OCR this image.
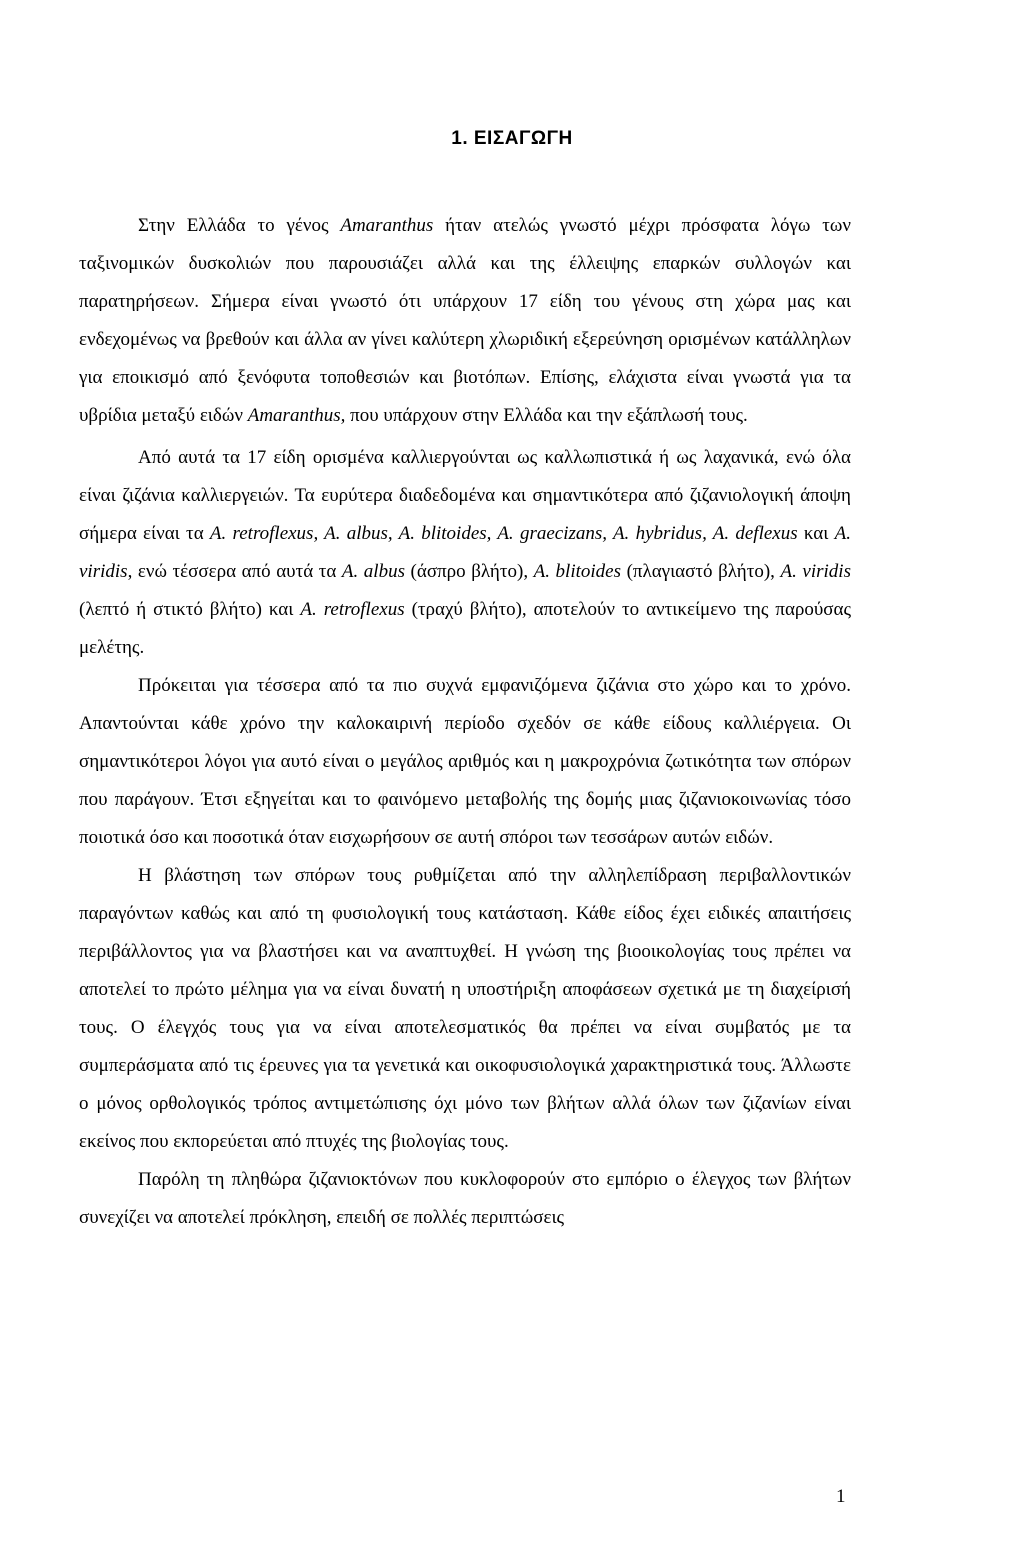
1. ΕΙΣΑΓΩΓΗ

Στην Ελλάδα το γένος Amaranthus ήταν ατελώς γνωστό μέχρι πρόσφατα λόγω των ταξινομικών δυσκολιών που παρουσιάζει αλλά και της έλλειψης επαρκών συλλογών και παρατηρήσεων. Σήμερα είναι γνωστό ότι υπάρχουν 17 είδη του γένους στη χώρα μας και ενδεχομένως να βρεθούν και άλλα αν γίνει καλύτερη χλωριδική εξερεύνηση ορισμένων κατάλληλων για εποικισμό από ξενόφυτα τοποθεσιών και βιοτόπων. Επίσης, ελάχιστα είναι γνωστά για τα υβρίδια μεταξύ ειδών Amaranthus, που υπάρχουν στην Ελλάδα και την εξάπλωσή τους.

Από αυτά τα 17 είδη ορισμένα καλλιεργούνται ως καλλωπιστικά ή ως λαχανικά, ενώ όλα είναι ζιζάνια καλλιεργειών. Τα ευρύτερα διαδεδομένα και σημαντικότερα από ζιζανιολογική άποψη σήμερα είναι τα A. retroflexus, A. albus, A. blitoides, A. graecizans, A. hybridus, A. deflexus και A. viridis, ενώ τέσσερα από αυτά τα A. albus (άσπρο βλήτο), A. blitoides (πλαγιαστό βλήτο), A. viridis (λεπτό ή στικτό βλήτο) και A. retroflexus (τραχύ βλήτο), αποτελούν το αντικείμενο της παρούσας μελέτης.

Πρόκειται για τέσσερα από τα πιο συχνά εμφανιζόμενα ζιζάνια στο χώρο και το χρόνο. Απαντούνται κάθε χρόνο την καλοκαιρινή περίοδο σχεδόν σε κάθε είδους καλλιέργεια. Οι σημαντικότεροι λόγοι για αυτό είναι ο μεγάλος αριθμός και η μακροχρόνια ζωτικότητα των σπόρων που παράγουν. Έτσι εξηγείται και το φαινόμενο μεταβολής της δομής μιας ζιζανιοκοινωνίας τόσο ποιοτικά όσο και ποσοτικά όταν εισχωρήσουν σε αυτή σπόροι των τεσσάρων αυτών ειδών.

Η βλάστηση των σπόρων τους ρυθμίζεται από την αλληλεπίδραση περιβαλλοντικών παραγόντων καθώς και από τη φυσιολογική τους κατάσταση. Κάθε είδος έχει ειδικές απαιτήσεις περιβάλλοντος για να βλαστήσει και να αναπτυχθεί. Η γνώση της βιοοικολογίας τους πρέπει να αποτελεί το πρώτο μέλημα για να είναι δυνατή η υποστήριξη αποφάσεων σχετικά με τη διαχείρισή τους. Ο έλεγχός τους για να είναι αποτελεσματικός θα πρέπει να είναι συμβατός με τα συμπεράσματα από τις έρευνες για τα γενετικά και οικοφυσιολογικά χαρακτηριστικά τους. Άλλωστε ο μόνος ορθολογικός τρόπος αντιμετώπισης όχι μόνο των βλήτων αλλά όλων των ζιζανίων είναι εκείνος που εκπορεύεται από πτυχές της βιολογίας τους.

Παρόλη τη πληθώρα ζιζανιοκτόνων που κυκλοφορούν στο εμπόριο ο έλεγχος των βλήτων συνεχίζει να αποτελεί πρόκληση, επειδή σε πολλές περιπτώσεις

1
